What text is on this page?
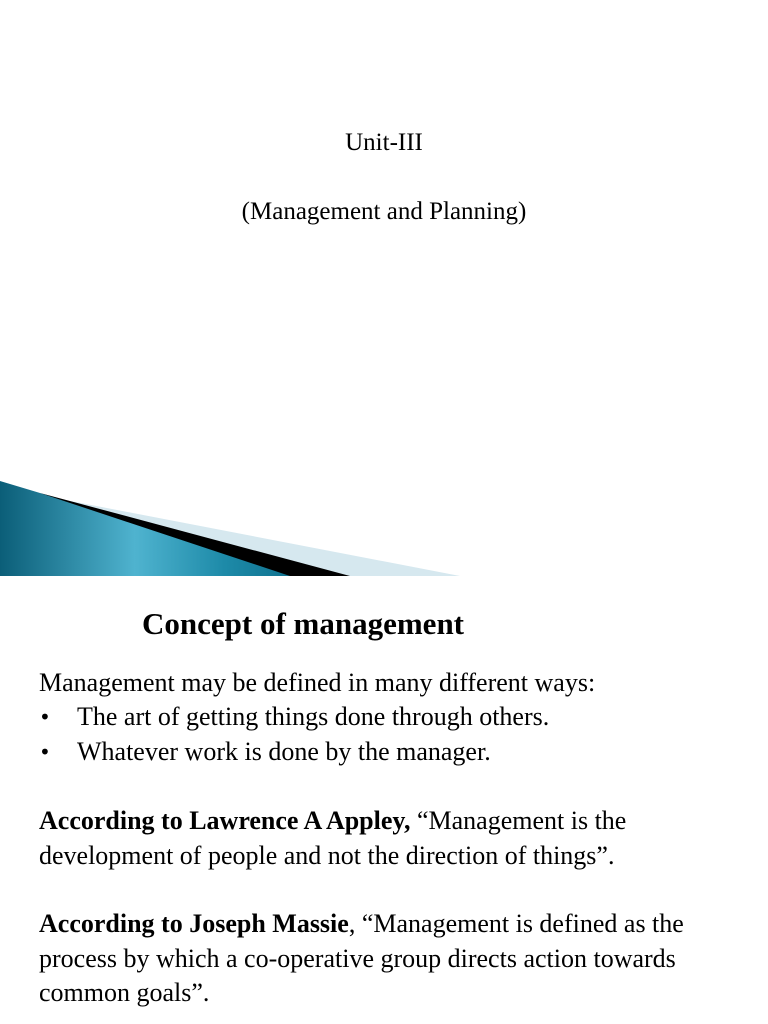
Unit-III
(Management and Planning)
Concept of management
Management may be defined in many different ways:
• The art of getting things done through others.
• Whatever work is done by the manager.
According to Lawrence A Appley, “Management is the development of people and not the direction of things”.
According to Joseph Massie, “Management is defined as the process by which a co-operative group directs action towards common goals”.
